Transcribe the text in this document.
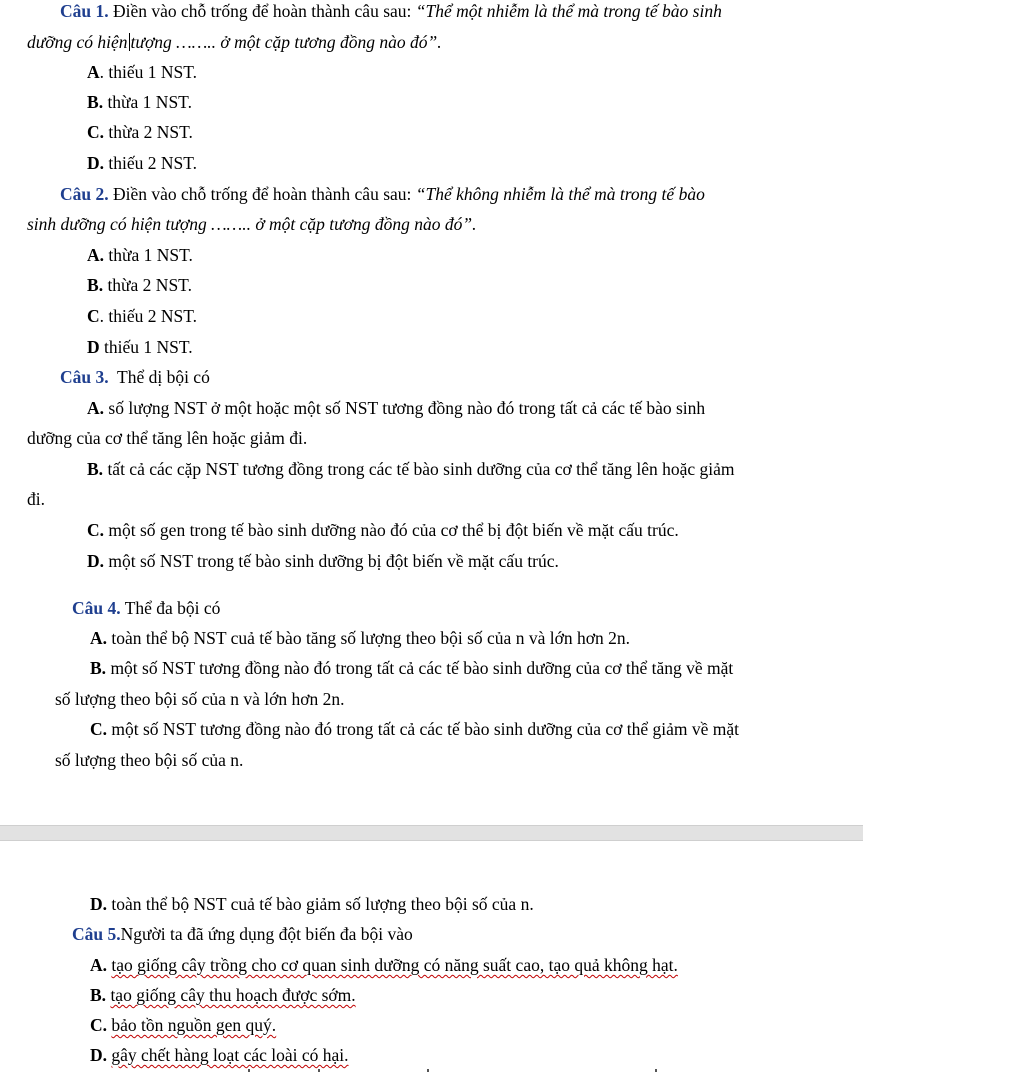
Câu 1. Điền vào chỗ trống để hoàn thành câu sau: “Thể một nhiễm là thể mà trong tế bào sinh
dưỡng có hiện tượng …….. ở một cặp tương đồng nào đó”.
A. thiếu 1 NST.
B. thừa 1 NST.
C. thừa 2 NST.
D. thiếu 2 NST.
Câu 2. Điền vào chỗ trống để hoàn thành câu sau: “Thể không nhiễm là thể mà trong tế bào
sinh dưỡng có hiện tượng …….. ở một cặp tương đồng nào đó”.
A. thừa 1 NST.
B. thừa 2 NST.
C. thiếu 2 NST.
D thiếu 1 NST.
Câu 3. Thể dị bội có
A. số lượng NST ở một hoặc một số NST tương đồng nào đó trong tất cả các tế bào sinh
dưỡng của cơ thể tăng lên hoặc giảm đi.
B. tất cả các cặp NST tương đồng trong các tế bào sinh dưỡng của cơ thể tăng lên hoặc giảm
đi.
C. một số gen trong tế bào sinh dưỡng nào đó của cơ thể bị đột biến về mặt cấu trúc.
D. một số NST trong tế bào sinh dưỡng bị đột biến về mặt cấu trúc.
Câu 4. Thể đa bội có
A. toàn thể bộ NST cuả tế bào tăng số lượng theo bội số của n và lớn hơn 2n.
B. một số NST tương đồng nào đó trong tất cả các tế bào sinh dưỡng của cơ thể tăng về mặt
số lượng theo bội số của n và lớn hơn 2n.
C. một số NST tương đồng nào đó trong tất cả các tế bào sinh dưỡng của cơ thể giảm về mặt
số lượng theo bội số của n.
D. toàn thể bộ NST cuả tế bào giảm số lượng theo bội số của n.
Câu 5.Người ta đã ứng dụng đột biến đa bội vào
A. tạo giống cây trồng cho cơ quan sinh dưỡng có năng suất cao, tạo quả không hạt.
B. tạo giống cây thu hoạch được sớm.
C. bảo tồn nguồn gen quý.
D. gây chết hàng loạt các loài có hại.
